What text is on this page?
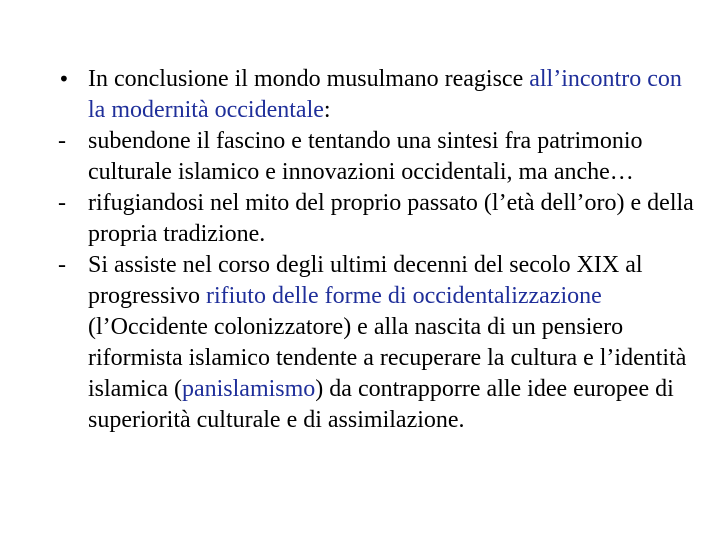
• In conclusione il mondo musulmano reagisce all’incontro con la modernità occidentale:

- subendone il fascino e tentando una sintesi fra patrimonio culturale islamico e innovazioni occidentali, ma anche…

- rifugiandosi nel mito del proprio passato (l’età dell’oro) e della propria tradizione.

- Si assiste nel corso degli ultimi decenni del secolo XIX al progressivo rifiuto delle forme di occidentalizzazione (l’Occidente colonizzatore) e alla nascita di un pensiero riformista islamico tendente a recuperare la cultura e l’identità islamica (panislamismo) da contrapporre alle idee europee di superiorità culturale e di assimilazione.
